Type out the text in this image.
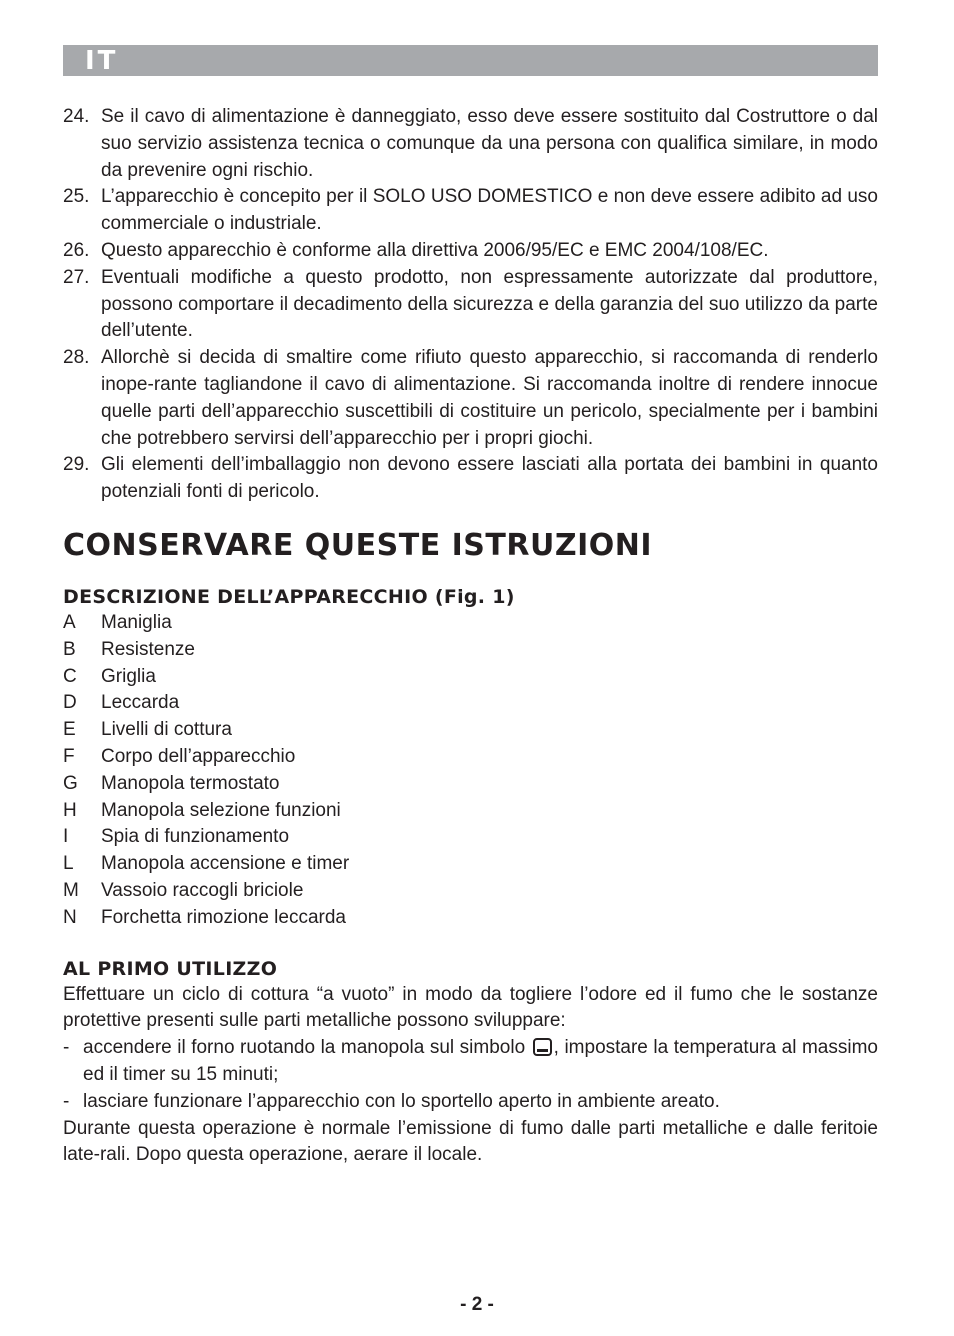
IT
24. Se il cavo di alimentazione è danneggiato, esso deve essere sostituito dal Costruttore o dal suo servizio assistenza tecnica o comunque da una persona con qualifica similare, in modo da prevenire ogni rischio.
25. L’apparecchio è concepito per il SOLO USO DOMESTICO e non deve essere adibito ad uso commerciale o industriale.
26. Questo apparecchio è conforme alla direttiva 2006/95/EC e EMC 2004/108/EC.
27. Eventuali modifiche a questo prodotto, non espressamente autorizzate dal produttore, possono comportare il decadimento della sicurezza e della garanzia del suo utilizzo da parte dell’utente.
28. Allorchè si decida di smaltire come rifiuto questo apparecchio, si raccomanda di renderlo inope-rante tagliandone il cavo di alimentazione. Si raccomanda inoltre di rendere innocue quelle parti dell’apparecchio suscettibili di costituire un pericolo, specialmente per i bambini che potrebbero servirsi dell’apparecchio per i propri giochi.
29. Gli elementi dell’imballaggio non devono essere lasciati alla portata dei bambini in quanto potenziali fonti di pericolo.
CONSERVARE QUESTE ISTRUZIONI
DESCRIZIONE DELL’APPARECCHIO (Fig. 1)
A	Maniglia
B	Resistenze
C	Griglia
D	Leccarda
E	Livelli di cottura
F	Corpo dell’apparecchio
G	Manopola termostato
H	Manopola selezione funzioni
I	Spia di funzionamento
L	Manopola accensione e timer
M	Vassoio raccogli briciole
N	Forchetta rimozione leccarda
AL PRIMO UTILIZZO

Effettuare un ciclo di cottura “a vuoto” in modo da togliere l’odore ed il fumo che le sostanze protettive presenti sulle parti metalliche possono sviluppare:

- accendere il forno ruotando la manopola sul simbolo , impostare la temperatura al massimo ed il timer su 15 minuti;
- lasciare funzionare l’apparecchio con lo sportello aperto in ambiente areato.

Durante questa operazione è normale l’emissione di fumo dalle parti metalliche e dalle feritoie late-rali. Dopo questa operazione, aerare il locale.

- 2 -
